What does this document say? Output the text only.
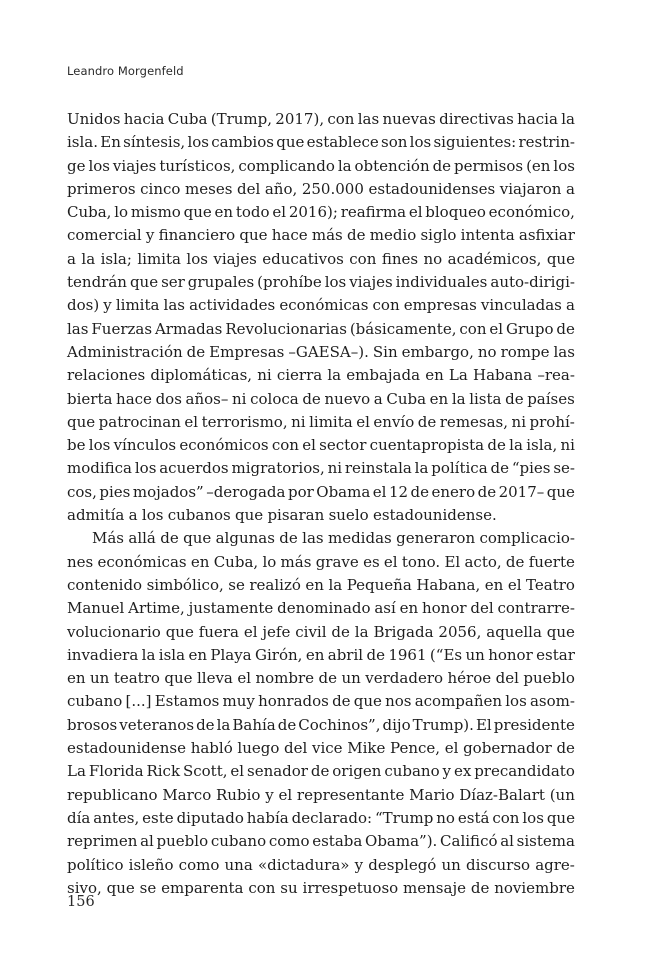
Leandro Morgenfeld
Unidos hacia Cuba (Trump, 2017), con las nuevas directivas hacia la
isla. En síntesis, los cambios que establece son los siguientes: restrin-
ge los viajes turísticos, complicando la obtención de permisos (en los
primeros cinco meses del año, 250.000 estadounidenses viajaron a
Cuba, lo mismo que en todo el 2016); reafirma el bloqueo económico,
comercial y financiero que hace más de medio siglo intenta asfixiar
a la isla; limita los viajes educativos con fines no académicos, que
tendrán que ser grupales (prohíbe los viajes individuales auto-dirigi-
dos) y limita las actividades económicas con empresas vinculadas a
las Fuerzas Armadas Revolucionarias (básicamente, con el Grupo de
Administración de Empresas –GAESA–). Sin embargo, no rompe las
relaciones diplomáticas, ni cierra la embajada en La Habana –rea-
bierta hace dos años– ni coloca de nuevo a Cuba en la lista de países
que patrocinan el terrorismo, ni limita el envío de remesas, ni prohí-
be los vínculos económicos con el sector cuentapropista de la isla, ni
modifica los acuerdos migratorios, ni reinstala la política de “pies se-
cos, pies mojados” –derogada por Obama el 12 de enero de 2017– que
admitía a los cubanos que pisaran suelo estadounidense.
Más allá de que algunas de las medidas generaron complicacio-
nes económicas en Cuba, lo más grave es el tono. El acto, de fuerte
contenido simbólico, se realizó en la Pequeña Habana, en el Teatro
Manuel Artime, justamente denominado así en honor del contrarre-
volucionario que fuera el jefe civil de la Brigada 2056, aquella que
invadiera la isla en Playa Girón, en abril de 1961 (“Es un honor estar
en un teatro que lleva el nombre de un verdadero héroe del pueblo
cubano [...] Estamos muy honrados de que nos acompañen los asom-
brosos veteranos de la Bahía de Cochinos”, dijo Trump). El presidente
estadounidense habló luego del vice Mike Pence, el gobernador de
La Florida Rick Scott, el senador de origen cubano y ex precandidato
republicano Marco Rubio y el representante Mario Díaz-Balart (un
día antes, este diputado había declarado: “Trump no está con los que
reprimen al pueblo cubano como estaba Obama”). Calificó al sistema
político isleño como una «dictadura» y desplegó un discurso agre-
sivo, que se emparenta con su irrespetuoso mensaje de noviembre
156
